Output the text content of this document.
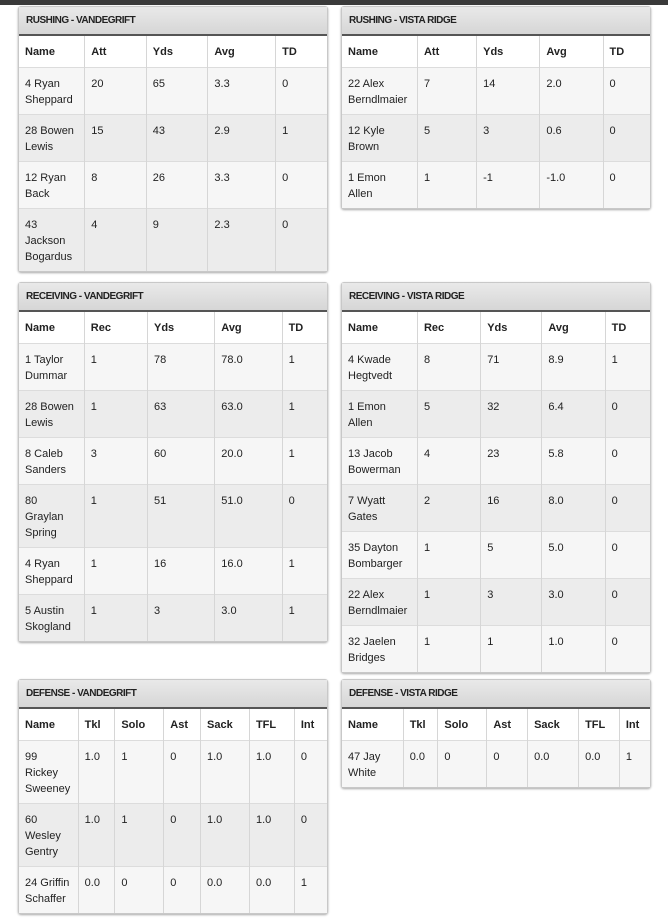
RUSHING - VANDEGRIFT
Name	Att	Yds	Avg	TD
4 Ryan Sheppard	20	65	3.3	0
28 Bowen Lewis	15	43	2.9	1
12 Ryan Back	8	26	3.3	0
43 Jackson Bogardus	4	9	2.3	0
RUSHING - VISTA RIDGE
Name	Att	Yds	Avg	TD
22 Alex Berndlmaier	7	14	2.0	0
12 Kyle Brown	5	3	0.6	0
1 Emon Allen	1	-1	-1.0	0
RECEIVING - VANDEGRIFT
Name	Rec	Yds	Avg	TD
1 Taylor Dummar	1	78	78.0	1
28 Bowen Lewis	1	63	63.0	1
8 Caleb Sanders	3	60	20.0	1
80 Graylan Spring	1	51	51.0	0
4 Ryan Sheppard	1	16	16.0	1
5 Austin Skogland	1	3	3.0	1
RECEIVING - VISTA RIDGE
Name	Rec	Yds	Avg	TD
4 Kwade Hegtvedt	8	71	8.9	1
1 Emon Allen	5	32	6.4	0
13 Jacob Bowerman	4	23	5.8	0
7 Wyatt Gates	2	16	8.0	0
35 Dayton Bombarger	1	5	5.0	0
22 Alex Berndlmaier	1	3	3.0	0
32 Jaelen Bridges	1	1	1.0	0
DEFENSE - VANDEGRIFT
Name	Tkl	Solo	Ast	Sack	TFL	Int
99 Rickey Sweeney	1.0	1	0	1.0	1.0	0
60 Wesley Gentry	1.0	1	0	1.0	1.0	0
24 Griffin Schaffer	0.0	0	0	0.0	0.0	1
DEFENSE - VISTA RIDGE
Name	Tkl	Solo	Ast	Sack	TFL	Int
47 Jay White	0.0	0	0	0.0	0.0	1
